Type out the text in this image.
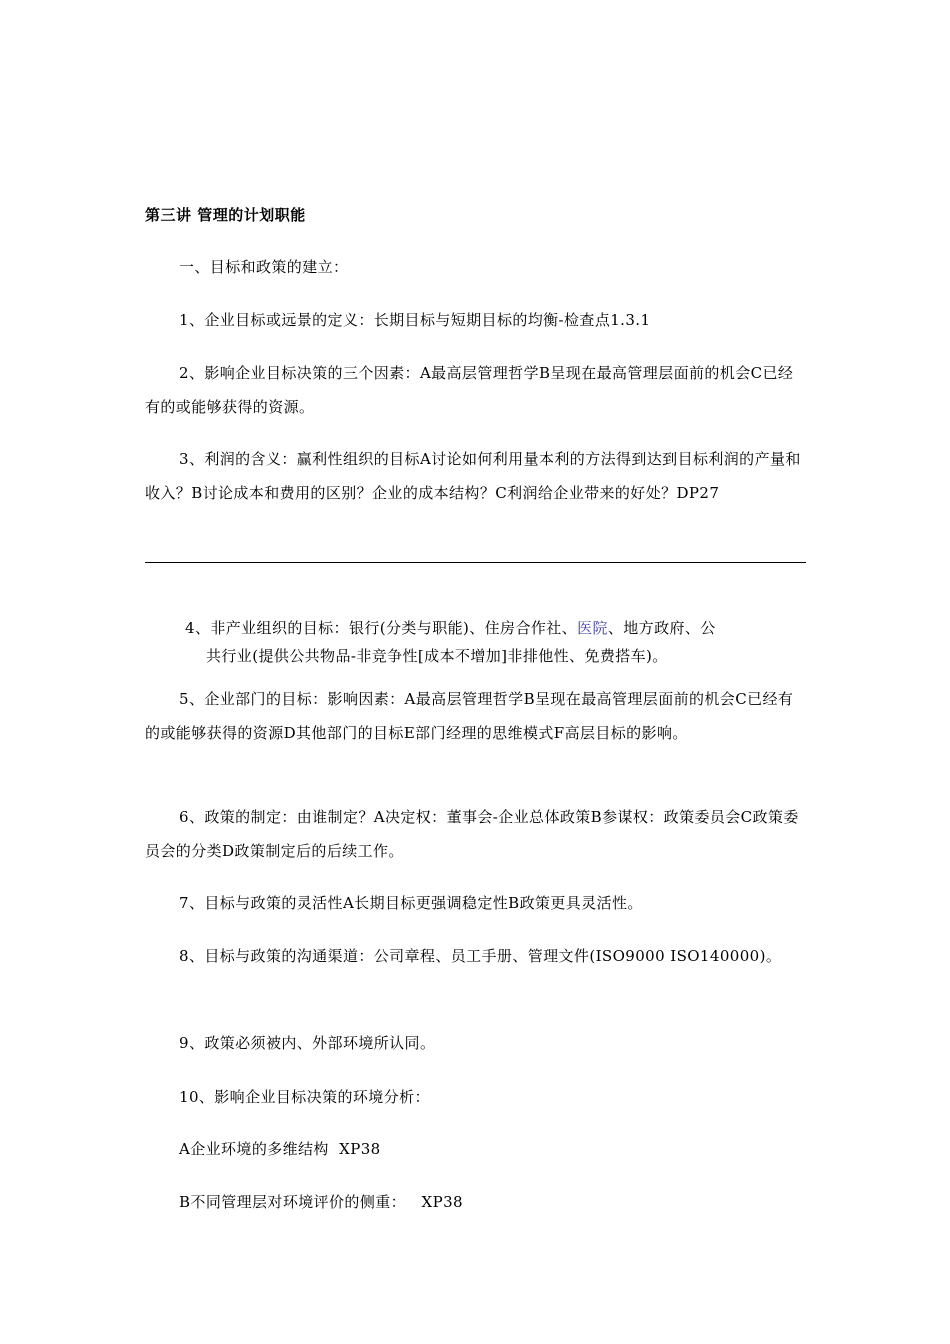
第三讲 管理的计划职能
一、目标和政策的建立：
1、企业目标或远景的定义：长期目标与短期目标的均衡-检查点1.3.1
2、影响企业目标决策的三个因素：A最高层管理哲学B呈现在最高管理层面前的机会C已经有的或能够获得的资源。
3、利润的含义：赢利性组织的目标A讨论如何利用量本利的方法得到达到目标利润的产量和收入？B讨论成本和费用的区别？企业的成本结构？C利润给企业带来的好处？DP27
4、非产业组织的目标：银行(分类与职能)、住房合作社、医院、地方政府、公
共行业(提供公共物品-非竞争性[成本不增加]非排他性、免费搭车)。
5、企业部门的目标：影响因素：A最高层管理哲学B呈现在最高管理层面前的机会C已经有的或能够获得的资源D其他部门的目标E部门经理的思维模式F高层目标的影响。
6、政策的制定：由谁制定？A决定权：董事会-企业总体政策B参谋权：政策委员会C政策委员会的分类D政策制定后的后续工作。
7、目标与政策的灵活性A长期目标更强调稳定性B政策更具灵活性。
8、目标与政策的沟通渠道：公司章程、员工手册、管理文件(ISO9000 ISO140000)。
9、政策必须被内、外部环境所认同。
10、影响企业目标决策的环境分析：
A企业环境的多维结构  XP38
B不同管理层对环境评价的侧重：   XP38
